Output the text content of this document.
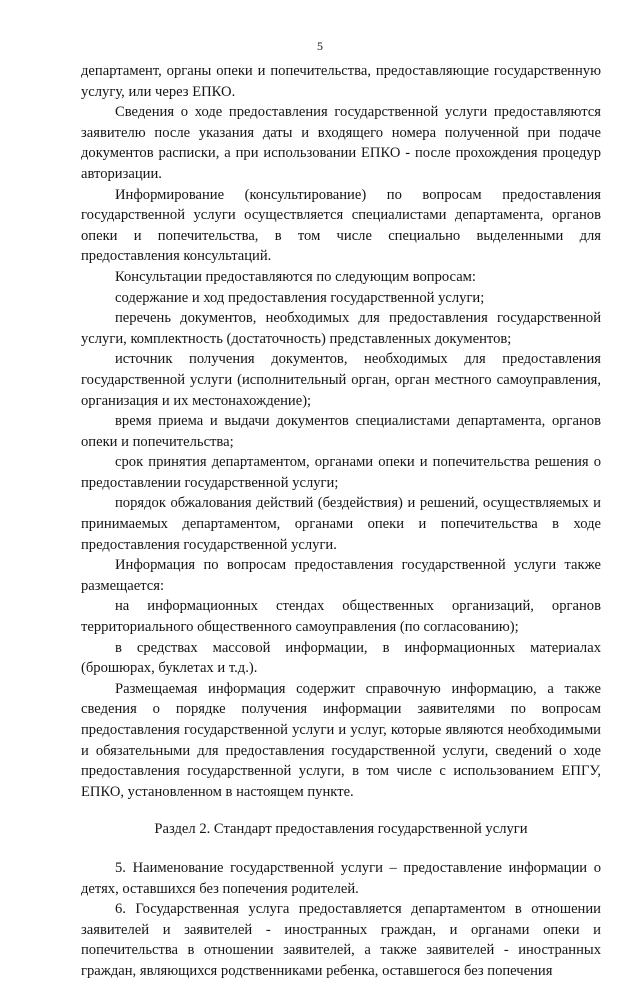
5

департамент, органы опеки и попечительства, предоставляющие государственную услугу, или через ЕПКО.

Сведения о ходе предоставления государственной услуги предоставляются заявителю после указания даты и входящего номера полученной при подаче документов расписки, а при использовании ЕПКО - после прохождения процедур авторизации.

Информирование (консультирование) по вопросам предоставления государственной услуги осуществляется специалистами департамента, органов опеки и попечительства, в том числе специально выделенными для предоставления консультаций.

Консультации предоставляются по следующим вопросам:

содержание и ход предоставления государственной услуги;

перечень документов, необходимых для предоставления государственной услуги, комплектность (достаточность) представленных документов;

источник получения документов, необходимых для предоставления государственной услуги (исполнительный орган, орган местного самоуправления, организация и их местонахождение);

время приема и выдачи документов специалистами департамента, органов опеки и попечительства;

срок принятия департаментом, органами опеки и попечительства решения о предоставлении государственной услуги;

порядок обжалования действий (бездействия) и решений, осуществляемых и принимаемых департаментом, органами опеки и попечительства в ходе предоставления государственной услуги.

Информация по вопросам предоставления государственной услуги также размещается:

на информационных стендах общественных организаций, органов территориального общественного самоуправления (по согласованию);

в средствах массовой информации, в информационных материалах (брошюрах, буклетах и т.д.).

Размещаемая информация содержит справочную информацию, а также сведения о порядке получения информации заявителями по вопросам предоставления государственной услуги и услуг, которые являются необходимыми и обязательными для предоставления государственной услуги, сведений о ходе предоставления государственной услуги, в том числе с использованием ЕПГУ, ЕПКО, установленном в настоящем пункте.

Раздел 2. Стандарт предоставления государственной услуги

5. Наименование государственной услуги – предоставление информации о детях, оставшихся без попечения родителей.

6. Государственная услуга предоставляется департаментом в отношении заявителей и заявителей - иностранных граждан, и органами опеки и попечительства в отношении заявителей, а также заявителей - иностранных граждан, являющихся родственниками ребенка, оставшегося без попечения
